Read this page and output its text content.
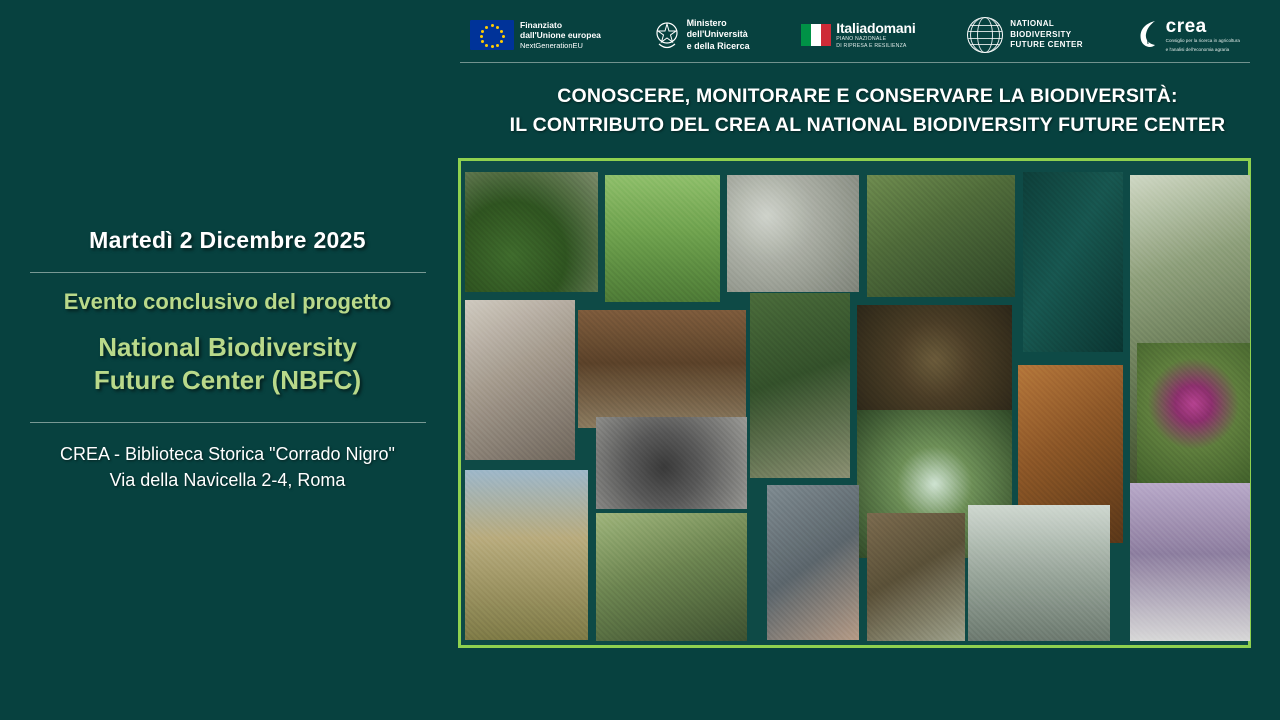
Martedì 2 Dicembre 2025
Evento conclusivo del progetto
National Biodiversity
Future Center (NBFC)
CREA - Biblioteca Storica "Corrado Nigro"
Via della Navicella 2-4, Roma
Finanziato
dall'Unione europea
NextGenerationEU
Ministero
dell'Università
e della Ricerca
Italiadomani
PIANO NAZIONALE
DI RIPRESA E RESILIENZA
NATIONAL
BIODIVERSITY
FUTURE CENTER
crea
Consiglio per la ricerca in agricoltura
e l'analisi dell'economia agraria
CONOSCERE, MONITORARE E CONSERVARE LA BIODIVERSITÀ:
IL CONTRIBUTO DEL CREA AL NATIONAL BIODIVERSITY FUTURE CENTER
